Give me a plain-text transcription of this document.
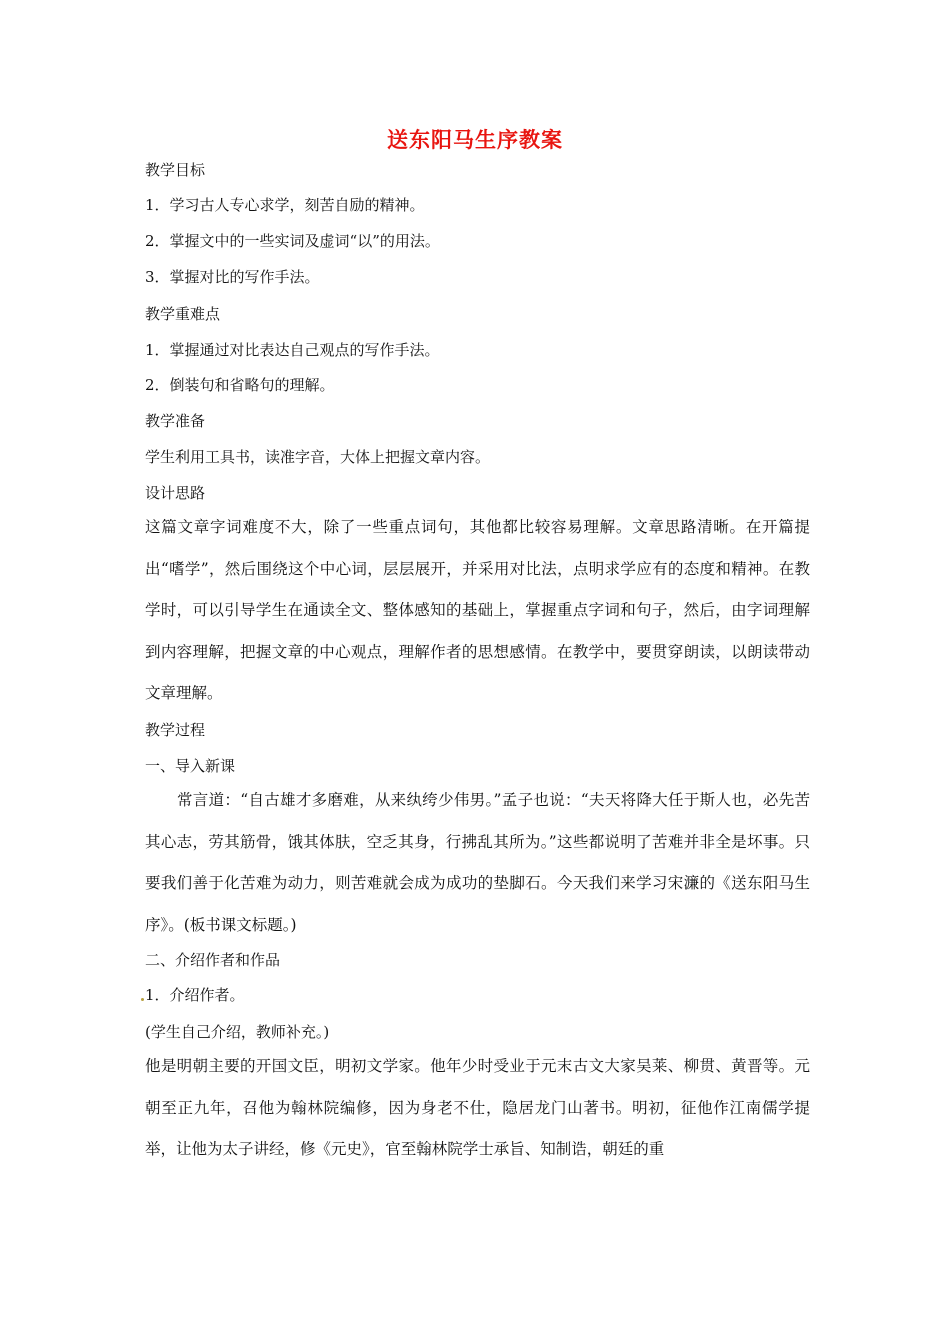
送东阳马生序教案
教学目标
1．学习古人专心求学，刻苦自励的精神。
2．掌握文中的一些实词及虚词“以”的用法。
3．掌握对比的写作手法。
教学重难点
1．掌握通过对比表达自己观点的写作手法。
2．倒装句和省略句的理解。
教学准备
学生利用工具书，读准字音，大体上把握文章内容。
设计思路
这篇文章字词难度不大，除了一些重点词句，其他都比较容易理解。文章思路清晰。在开篇提出“嗜学”，然后围绕这个中心词，层层展开，并采用对比法，点明求学应有的态度和精神。在教学时，可以引导学生在通读全文、整体感知的基础上，掌握重点字词和句子，然后，由字词理解到内容理解，把握文章的中心观点，理解作者的思想感情。在教学中，要贯穿朗读，以朗读带动文章理解。
教学过程
一、导入新课
常言道：“自古雄才多磨难，从来纨绔少伟男。”孟子也说：“夫天将降大任于斯人也，必先苦其心志，劳其筋骨，饿其体肤，空乏其身，行拂乱其所为。”这些都说明了苦难并非全是坏事。只要我们善于化苦难为动力，则苦难就会成为成功的垫脚石。今天我们来学习宋濂的《送东阳马生序》。(板书课文标题。)
二、介绍作者和作品
1．介绍作者。
(学生自己介绍，教师补充。)
他是明朝主要的开国文臣，明初文学家。他年少时受业于元末古文大家吴莱、柳贯、黄晋等。元朝至正九年，召他为翰林院编修，因为身老不仕，隐居龙门山著书。明初，征他作江南儒学提举，让他为太子讲经，修《元史》，官至翰林院学士承旨、知制诰，朝廷的重
